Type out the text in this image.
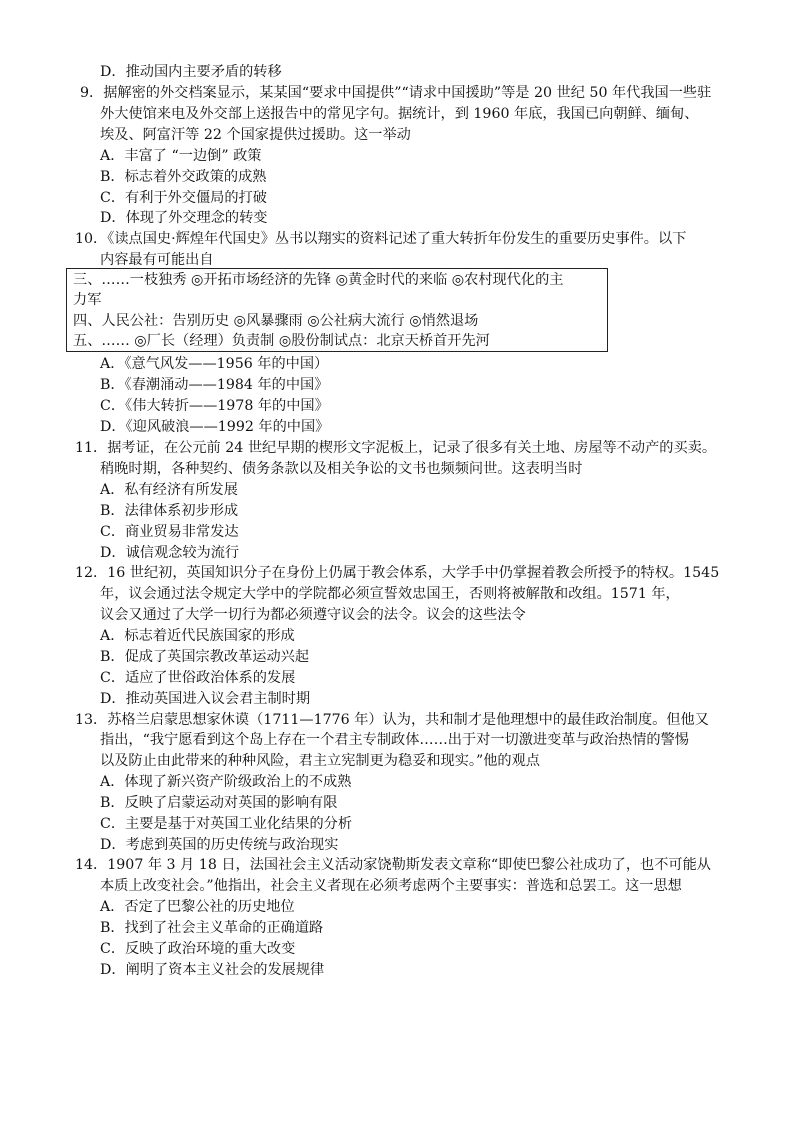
D．推动国内主要矛盾的转移
9．据解密的外交档案显示，某某国“要求中国提供”“请求中国援助”等是 20 世纪 50 年代我国一些驻
外大使馆来电及外交部上送报告中的常见字句。据统计，到 1960 年底，我国已向朝鲜、缅甸、
埃及、阿富汗等 22 个国家提供过援助。这一举动
A．丰富了 “一边倒” 政策
B．标志着外交政策的成熟
C．有利于外交僵局的打破
D．体现了外交理念的转变
10．《读点国史·辉煌年代国史》丛书以翔实的资料记述了重大转折年份发生的重要历史事件。以下
内容最有可能出自
三、……一枝独秀 ◎开拓市场经济的先锋 ◎黄金时代的来临 ◎农村现代化的主
力军
四、人民公社：告别历史 ◎风暴骤雨 ◎公社病大流行 ◎悄然退场
五、…… ◎厂长（经理）负责制 ◎股份制试点：北京天桥首开先河
A．《意气风发——1956 年的中国）
B．《春潮涌动——1984 年的中国》
C．《伟大转折——1978 年的中国》
D．《迎风破浪——1992 年的中国》
11．据考证，在公元前 24 世纪早期的楔形文字泥板上，记录了很多有关土地、房屋等不动产的买卖。
稍晚时期，各种契约、债务条款以及相关争讼的文书也频频问世。这表明当时
A．私有经济有所发展
B．法律体系初步形成
C．商业贸易非常发达
D．诚信观念较为流行
12．16 世纪初，英国知识分子在身份上仍属于教会体系，大学手中仍掌握着教会所授予的特权。1545
年，议会通过法令规定大学中的学院都必须宣誓效忠国王，否则将被解散和改组。1571 年，
议会又通过了大学一切行为都必须遵守议会的法令。议会的这些法令
A．标志着近代民族国家的形成
B．促成了英国宗教改革运动兴起
C．适应了世俗政治体系的发展
D．推动英国进入议会君主制时期
13．苏格兰启蒙思想家休谟（1711—1776 年）认为，共和制才是他理想中的最佳政治制度。但他又
指出，“我宁愿看到这个岛上存在一个君主专制政体……出于对一切激进变革与政治热情的警惕
以及防止由此带来的种种风险，君主立宪制更为稳妥和现实。”他的观点
A．体现了新兴资产阶级政治上的不成熟
B．反映了启蒙运动对英国的影响有限
C．主要是基于对英国工业化结果的分析
D．考虑到英国的历史传统与政治现实
14．1907 年 3 月 18 日，法国社会主义活动家饶勒斯发表文章称“即使巴黎公社成功了，也不可能从
本质上改变社会。”他指出，社会主义者现在必须考虑两个主要事实：普选和总罢工。这一思想
A．否定了巴黎公社的历史地位
B．找到了社会主义革命的正确道路
C．反映了政治环境的重大改变
D．阐明了资本主义社会的发展规律
